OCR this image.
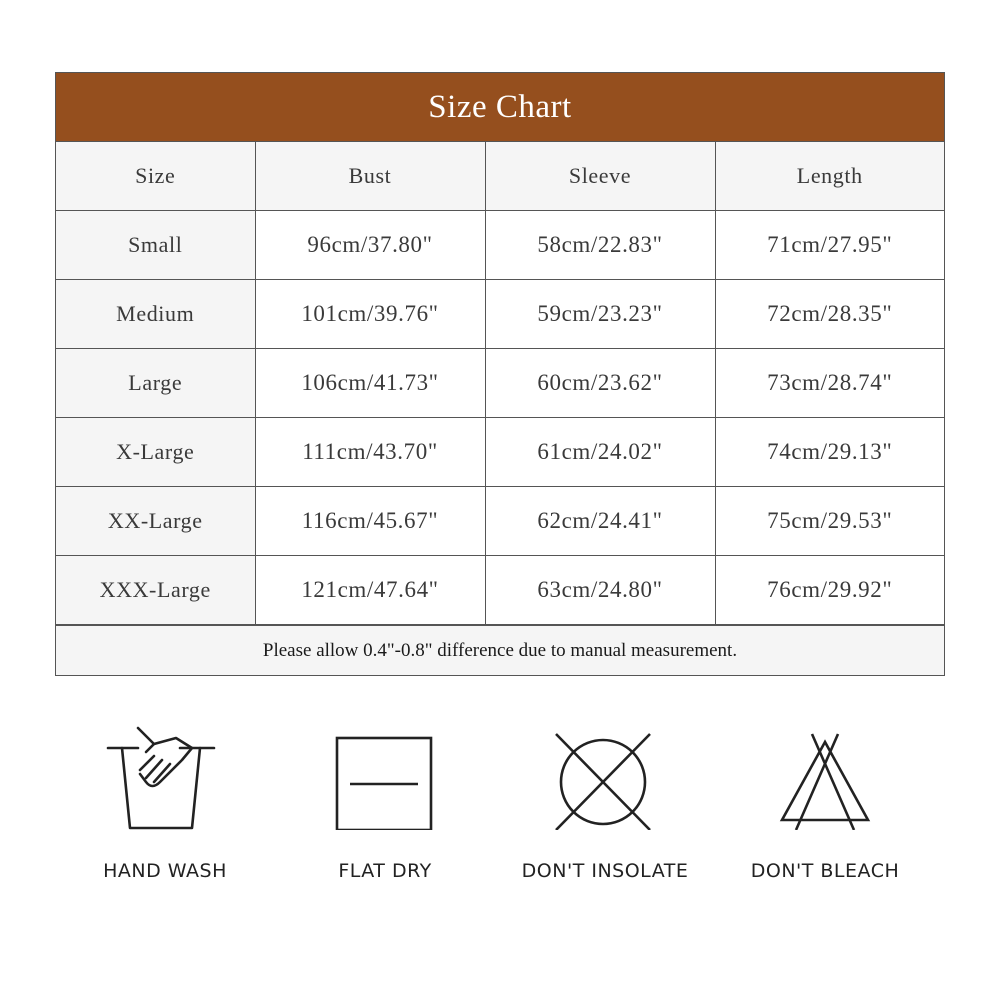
Size Chart
Size	Bust	Sleeve	Length
Small	96cm/37.80"	58cm/22.83"	71cm/27.95"
Medium	101cm/39.76"	59cm/23.23"	72cm/28.35"
Large	106cm/41.73"	60cm/23.62"	73cm/28.74"
X-Large	111cm/43.70"	61cm/24.02"	74cm/29.13"
XX-Large	116cm/45.67"	62cm/24.41"	75cm/29.53"
XXX-Large	121cm/47.64"	63cm/24.80"	76cm/29.92"
Please allow 0.4"-0.8" difference due to manual measurement.
HAND WASH	FLAT DRY	DON'T INSOLATE	DON'T BLEACH
